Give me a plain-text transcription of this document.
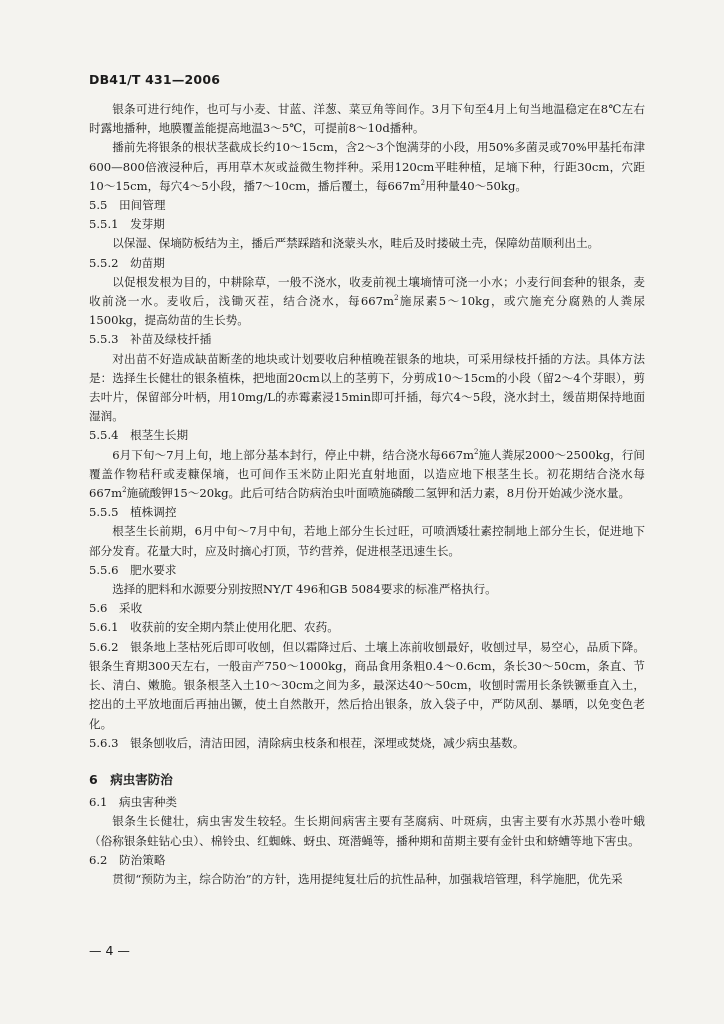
DB41/T 431—2006

银条可进行纯作，也可与小麦、甘蓝、洋葱、菜豆角等间作。3月下旬至4月上旬当地温稳定在8℃左右时露地播种，地膜覆盖能提高地温3～5℃，可提前8～10d播种。

播前先将银条的根状茎截成长约10～15cm，含2～3个饱满芽的小段，用50%多菌灵或70%甲基托布津600—800倍液浸种后，再用草木灰或益微生物拌种。采用120cm平畦种植，足墒下种，行距30cm，穴距10～15cm，每穴4～5小段，播7～10cm，播后覆土，每$667m^2$用种量40～50kg。

5.5　田间管理

5.5.1　发芽期

以保湿、保墒防板结为主，播后严禁踩踏和浇蒙头水，畦后及时搂破土壳，保障幼苗顺利出土。

5.5.2　幼苗期

以促根发根为目的，中耕除草，一般不浇水，收麦前视土壤墒情可浇一小水；小麦行间套种的银条，麦收前浇一水。麦收后，浅锄灭茬，结合浇水，每$667m^2$施尿素5～10kg，或穴施充分腐熟的人粪尿1500kg，提高幼苗的生长势。

5.5.3　补苗及绿枝扦插

对出苗不好造成缺苗断垄的地块或计划要收启种植晚茬银条的地块，可采用绿枝扦插的方法。具体方法是：选择生长健壮的银条植株，把地面20cm以上的茎剪下，分剪成10～15cm的小段（留2～4个芽眼），剪去叶片，保留部分叶柄，用10mg/L的赤霉素浸15min即可扦插，每穴4～5段，浇水封土，缓苗期保持地面湿润。

5.5.4　根茎生长期

6月下旬～7月上旬，地上部分基本封行，停止中耕，结合浇水每$667m^2$施人粪尿2000～2500kg，行间覆盖作物秸秆或麦糠保墒，也可间作玉米防止阳光直射地面，以造应地下根茎生长。初花期结合浇水每$667m^2$施硫酸钾15～20kg。此后可结合防病治虫叶面喷施磷酸二氢钾和活力素，8月份开始减少浇水量。

5.5.5　植株调控

根茎生长前期，6月中旬～7月中旬，若地上部分生长过旺，可喷洒矮壮素控制地上部分生长，促进地下部分发育。花量大时，应及时摘心打顶，节约营养，促进根茎迅速生长。

5.5.6　肥水要求

选择的肥料和水源要分别按照NY/T 496和GB 5084要求的标准严格执行。

5.6　采收

5.6.1　收获前的安全期内禁止使用化肥、农药。

5.6.2　银条地上茎枯死后即可收刨，但以霜降过后、土壤上冻前收刨最好，收刨过早，易空心，品质下降。银条生育期300天左右，一般亩产750～1000kg，商品食用条粗0.4～0.6cm，条长30～50cm，条直、节长、清白、嫩脆。银条根茎入土10～30cm之间为多，最深达40～50cm，收刨时需用长条铁镢垂直入土，挖出的土平放地面后再抽出镢，使土自然散开，然后拾出银条，放入袋子中，严防风刮、暴晒，以免变色老化。

5.6.3　银条刨收后，清洁田园，清除病虫枝条和根茬，深埋或焚烧，减少病虫基数。

6　病虫害防治

6.1　病虫害种类

银条生长健壮，病虫害发生较轻。生长期间病害主要有茎腐病、叶斑病，虫害主要有水苏黑小卷叶蛾（俗称银条蛀钻心虫）、棉铃虫、红蜘蛛、蚜虫、斑潜蝇等，播种期和苗期主要有金针虫和蛴螬等地下害虫。

6.2　防治策略

贯彻“预防为主，综合防治”的方针，选用提纯复壮后的抗性品种，加强栽培管理，科学施肥，优先采

— 4 —
